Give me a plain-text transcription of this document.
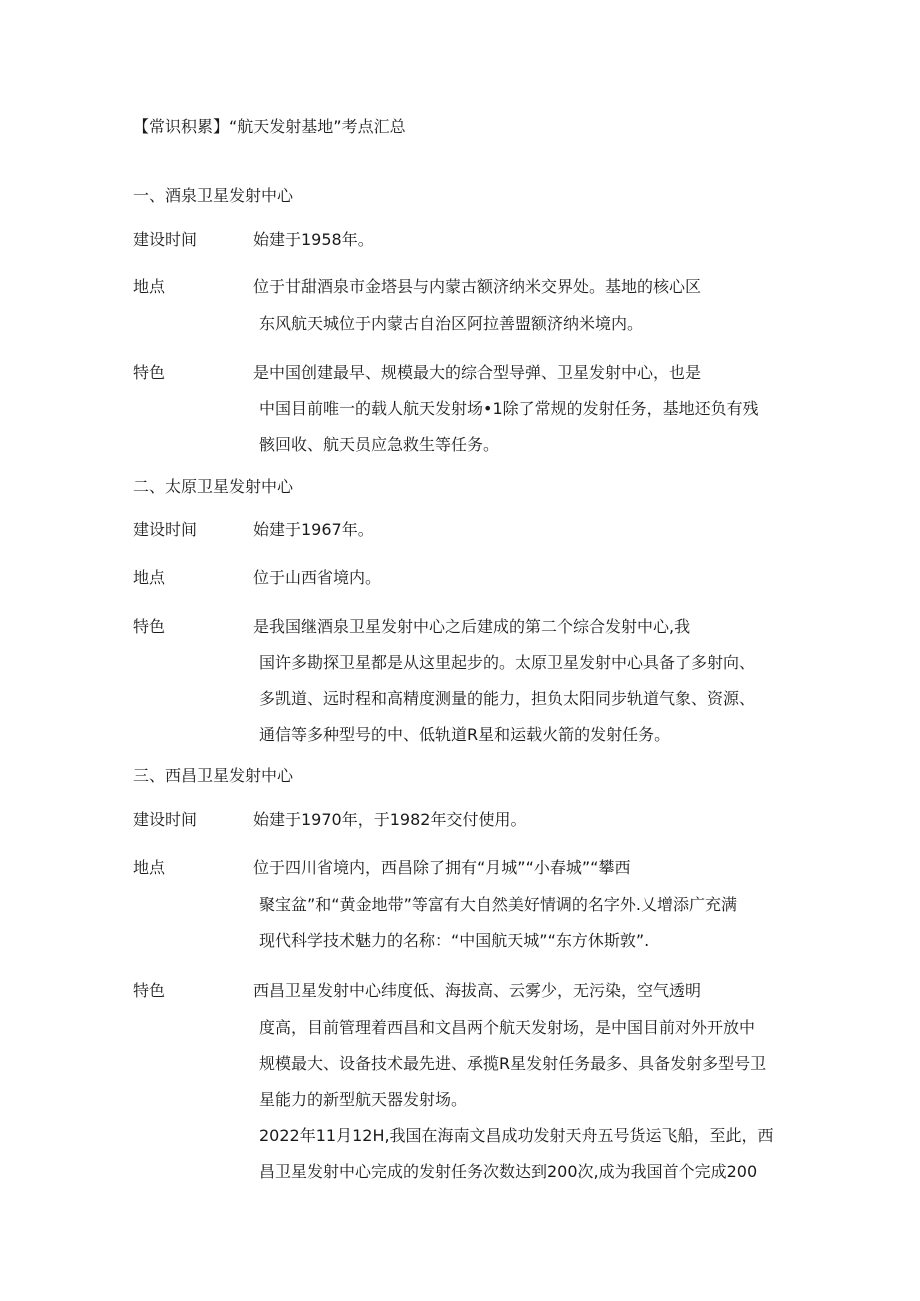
【常识积累】“航天发射基地”考点汇总
一、酒泉卫星发射中心
建设时间	始建于1958年。
地点	位于甘甜酒泉市金塔县与内蒙古额济纳米交界处。基地的核心区
东风航天城位于内蒙古自治区阿拉善盟额济纳米境内。
特色	是中国创建最早、规模最大的综合型导弹、卫星发射中心，也是
中国目前唯一的载人航天发射场•1除了常规的发射任务，基地还负有残
骸回收、航天员应急救生等任务。
二、太原卫星发射中心
建设时间	始建于1967年。
地点	位于山西省境内。
特色	是我国继酒泉卫星发射中心之后建成的第二个综合发射中心,我
国许多勘探卫星都是从这里起步的。太原卫星发射中心具备了多射向、
多凯道、远时程和高精度测量的能力，担负太阳同步轨道气象、资源、
通信等多种型号的中、低轨道R星和运载火箭的发射任务。
三、西昌卫星发射中心
建设时间	始建于1970年，于1982年交付使用。
地点	位于四川省境内，西昌除了拥有“月城”“小春城”“攀西
聚宝盆”和“黄金地带”等富有大自然美好情调的名字外.乂增添广充满
现代科学技术魅力的名称：“中国航天城”“东方休斯敦”.
特色	西昌卫星发射中心纬度低、海拔高、云雾少，无污染，空气透明
度高，目前管理着西昌和文昌两个航天发射场，是中国目前对外开放中
规模最大、设备技术最先进、承揽R星发射任务最多、具备发射多型号卫
星能力的新型航天器发射场。
2022年11月12H,我国在海南文昌成功发射天舟五号货运飞船，至此，西
昌卫星发射中心完成的发射任务次数达到200次,成为我国首个完成200
